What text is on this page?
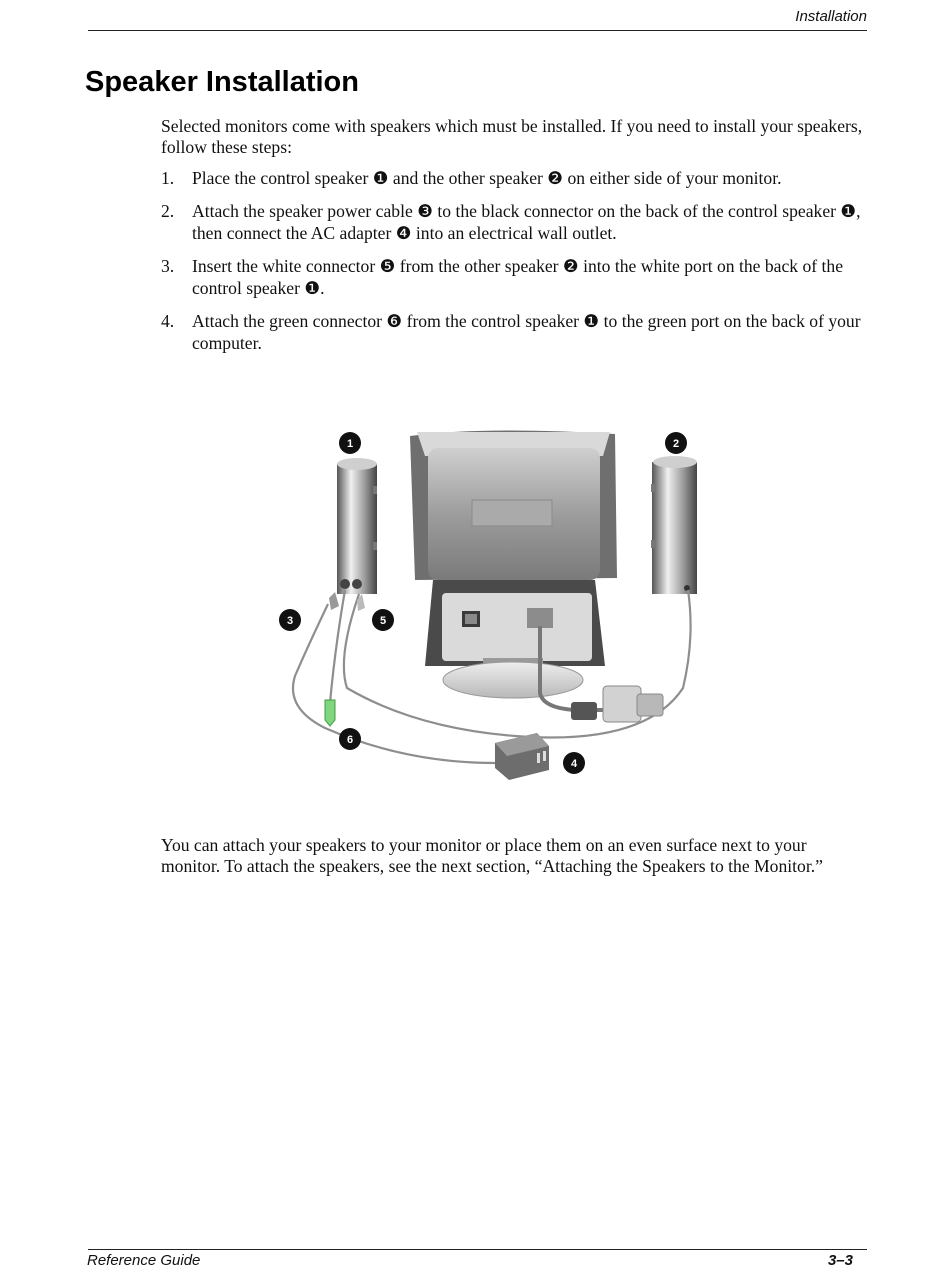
Installation
Speaker Installation

Selected monitors come with speakers which must be installed. If you need to install your speakers, follow these steps:

1. Place the control speaker ❶ and the other speaker ❷ on either side of your monitor.
2. Attach the speaker power cable ❸ to the black connector on the back of the control speaker ❶, then connect the AC adapter ❹ into an electrical wall outlet.
3. Insert the white connector ❺ from the other speaker ❷ into the white port on the back of the control speaker ❶.
4. Attach the green connector ❻ from the control speaker ❶ to the green port on the back of your computer.
1	2
3
4
5
6

You can attach your speakers to your monitor or place them on an even surface next to your monitor. To attach the speakers, see the next section, “Attaching the Speakers to the Monitor.”

Reference Guide	3–3
